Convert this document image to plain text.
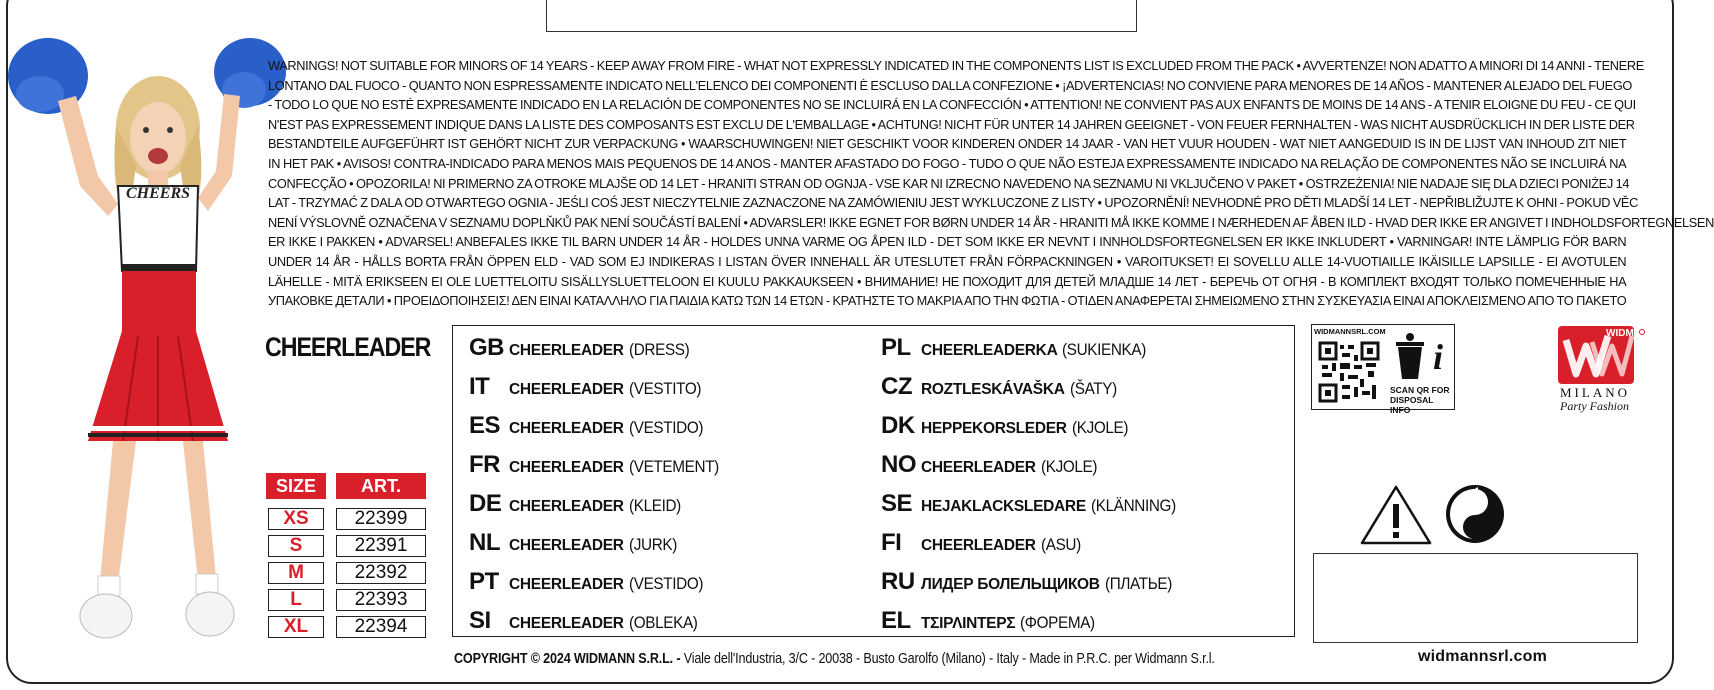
CHEERS
WARNINGS! NOT SUITABLE FOR MINORS OF 14 YEARS - KEEP AWAY FROM FIRE - WHAT NOT EXPRESSLY INDICATED IN THE COMPONENTS LIST IS EXCLUDED FROM THE PACK • AVVERTENZE! NON ADATTO A MINORI DI 14 ANNI - TENERE
LONTANO DAL FUOCO - QUANTO NON ESPRESSAMENTE INDICATO NELL'ELENCO DEI COMPONENTI È ESCLUSO DALLA CONFEZIONE • ¡ADVERTENCIAS! NO CONVIENE PARA MENORES DE 14 AÑOS - MANTENER ALEJADO DEL FUEGO
- TODO LO QUE NO ESTÉ EXPRESAMENTE INDICADO EN LA RELACIÓN DE COMPONENTES NO SE INCLUIRÁ EN LA CONFECCIÓN • ATTENTION! NE CONVIENT PAS AUX ENFANTS DE MOINS DE 14 ANS - A TENIR ELOIGNE DU FEU - CE QUI
N'EST PAS EXPRESSEMENT INDIQUE DANS LA LISTE DES COMPOSANTS EST EXCLU DE L'EMBALLAGE • ACHTUNG! NICHT FÜR UNTER 14 JAHREN GEEIGNET - VON FEUER FERNHALTEN - WAS NICHT AUSDRÜCKLICH IN DER LISTE DER
BESTANDTEILE AUFGEFÜHRT IST GEHÖRT NICHT ZUR VERPACKUNG • WAARSCHUWINGEN! NIET GESCHIKT VOOR KINDEREN ONDER 14 JAAR - VAN HET VUUR HOUDEN - WAT NIET AANGEDUID IS IN DE LIJST VAN INHOUD ZIT NIET
IN HET PAK • AVISOS! CONTRA-INDICADO PARA MENOS MAIS PEQUENOS DE 14 ANOS - MANTER AFASTADO DO FOGO - TUDO O QUE NÃO ESTEJA EXPRESSAMENTE INDICADO NA RELAÇÃO DE COMPONENTES NÃO SE INCLUIRÁ NA
CONFECÇÃO • OPOZORILA! NI PRIMERNO ZA OTROKE MLAJŠE OD 14 LET - HRANITI STRAN OD OGNJA - VSE KAR NI IZRECNO NAVEDENO NA SEZNAMU NI VKLJUČENO V PAKET • OSTRZEŻENIA! NIE NADAJE SIĘ DLA DZIECI PONIŻEJ 14
LAT - TRZYMAĆ Z DALA OD OTWARTEGO OGNIA - JEŚLI COŚ JEST NIECZYTELNIE ZAZNACZONE NA ZAMÓWIENIU JEST WYKLUCZONE Z LISTY • UPOZORNĚNÍ! NEVHODNÉ PRO DĚTI MLADŠÍ 14 LET - NEPŘIBLIŽUJTE K OHNI - POKUD VĚC
NENÍ VÝSLOVNĚ OZNAČENA V SEZNAMU DOPLŇKŮ PAK NENÍ SOUČÁSTÍ BALENÍ • ADVARSLER! IKKE EGNET FOR BØRN UNDER 14 ÅR - HRANITI MÅ IKKE KOMME I NÆRHEDEN AF ÅBEN ILD - HVAD DER IKKE ER ANGIVET I INDHOLDSFORTEGNELSEN
ER IKKE I PAKKEN • ADVARSEL! ANBEFALES IKKE TIL BARN UNDER 14 ÅR - HOLDES UNNA VARME OG ÅPEN ILD - DET SOM IKKE ER NEVNT I INNHOLDSFORTEGNELSEN ER IKKE INKLUDERT • VARNINGAR! INTE LÄMPLIG FÖR BARN
UNDER 14 ÅR - HÅLLS BORTA FRÅN ÖPPEN ELD - VAD SOM EJ INDIKERAS I LISTAN ÖVER INNEHALL ÄR UTESLUTET FRÅN FÖRPACKNINGEN • VAROITUKSET! EI SOVELLU ALLE 14-VUOTIAILLE IKÄISILLE LAPSILLE - EI AVOTULEN
LÄHELLE - MITÄ ERIKSEEN EI OLE LUETTELOITU SISÄLLYSLUETTELOON EI KUULU PAKKAUKSEEN • ВНИМАНИЕ! НЕ ПОХОДИТ ДЛЯ ДЕТЕЙ МЛАДШЕ 14 ЛЕТ - БЕРЕЧЬ ОТ ОГНЯ - В КОМПЛЕКТ ВХОДЯТ ТОЛЬКО ПОМЕЧЕННЫЕ НА
УПАКОВКЕ ДЕТАЛИ • ΠΡΟΕΙΔΟΠΟΙΗΣΕΙΣ! ΔΕΝ ΕΙΝΑΙ ΚΑΤΑΛΛΗΛΟ ΓΙΑ ΠΑΙΔΙΑ ΚΑΤΩ ΤΩΝ 14 ΕΤΩΝ - ΚΡΑΤΗΣΤΕ ΤΟ ΜΑΚΡΙΑ ΑΠΟ ΤΗΝ ΦΩΤΙΑ - ΟΤΙΔΕΝ ΑΝΑΦΕΡΕΤΑΙ ΣΗΜΕΙΩΜΕΝΟ ΣΤΗΝ ΣΥΣΚΕΥΑΣΙΑ ΕΙΝΑΙ ΑΠΟΚΛΕΙΣΜΕΝΟ ΑΠΟ ΤΟ ΠΑΚΕΤΟ
CHEERLEADER
SIZE	ART.
XS	22399
S	22391
M	22392
L	22393
XL	22394
GB CHEERLEADER (DRESS)
IT	CHEERLEADER (VESTITO)
ES CHEERLEADER (VESTIDO)
FR CHEERLEADER (VETEMENT)
DE CHEERLEADER (KLEID)
NL CHEERLEADER (JURK)
PT CHEERLEADER (VESTIDO)
SI	CHEERLEADER (OBLEKA)
PL CHEERLEADERKA (SUKIENKA)
CZ ROZTLESKÁVAŠKA (ŠATY)
DK HEPPEKORSLEDER (KJOLE)
NO CHEERLEADER (KJOLE)
SE HEJAKLACKSLEDARE (KLÄNNING)
FI	CHEERLEADER (ASU)
RU ЛИДЕР БОЛЕЛЬЩИКОВ (ПЛАТЬЕ)
EL ΤΣΙΡΛΙΝΤΕΡΣ (ΦΟΡΕΜΑ)
COPYRIGHT © 2024 WIDMANN S.R.L. - Viale dell'Industria, 3/C - 20038 - Busto Garolfo (Milano) - Italy - Made in P.R.C. per Widmann S.r.l.	widmannsrl.com
WIDMANNSRL.COM
i
SCAN QR FOR
DISPOSAL INFO
WIDMANN
MILANO
Party Fashion
